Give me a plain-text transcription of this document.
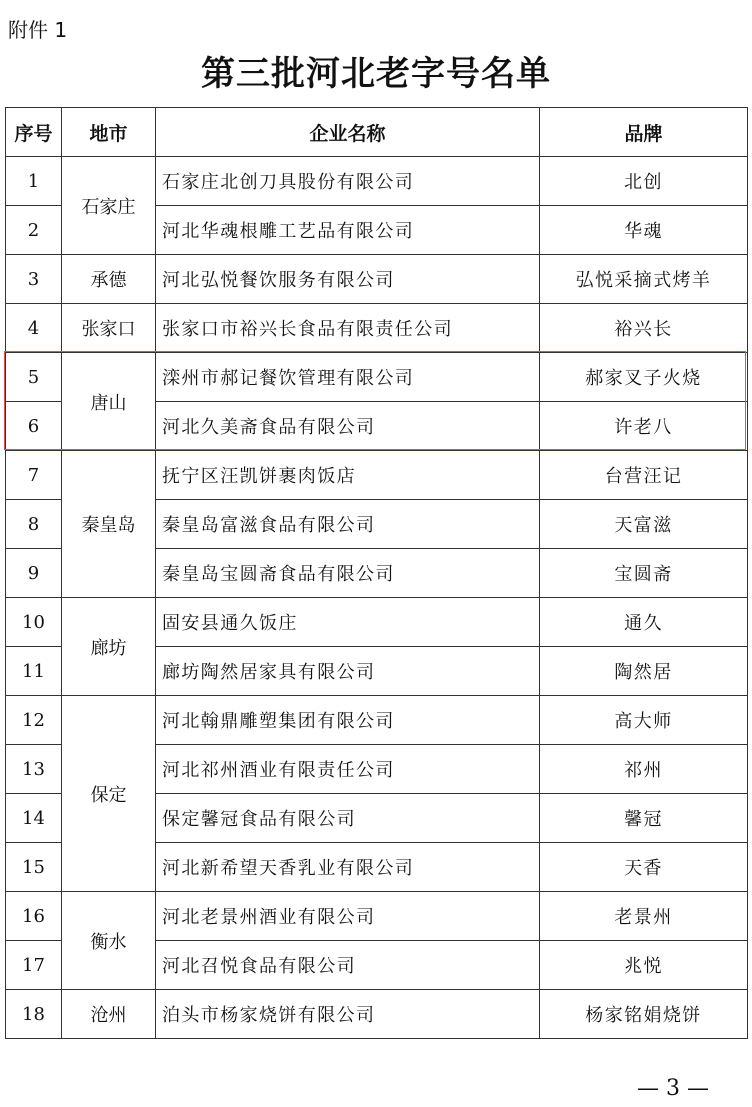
附件 1
第三批河北老字号名单
序号	地市	企业名称	品牌
1	石家庄	石家庄北创刀具股份有限公司	北创
2		河北华魂根雕工艺品有限公司	华魂
3	承德	河北弘悦餐饮服务有限公司	弘悦采摘式烤羊
4	张家口	张家口市裕兴长食品有限责任公司	裕兴长
5	唐山	滦州市郝记餐饮管理有限公司	郝家叉子火烧
6		河北久美斋食品有限公司	许老八
7	秦皇岛	抚宁区汪凯饼裹肉饭店	台营汪记
8		秦皇岛富滋食品有限公司	天富滋
9		秦皇岛宝圆斋食品有限公司	宝圆斋
10	廊坊	固安县通久饭庄	通久
11		廊坊陶然居家具有限公司	陶然居
12	保定	河北翰鼎雕塑集团有限公司	高大师
13		河北祁州酒业有限责任公司	祁州
14		保定馨冠食品有限公司	馨冠
15		河北新希望天香乳业有限公司	天香
16	衡水	河北老景州酒业有限公司	老景州
17		河北召悦食品有限公司	兆悦
18	沧州	泊头市杨家烧饼有限公司	杨家铭娟烧饼
— 3 —
